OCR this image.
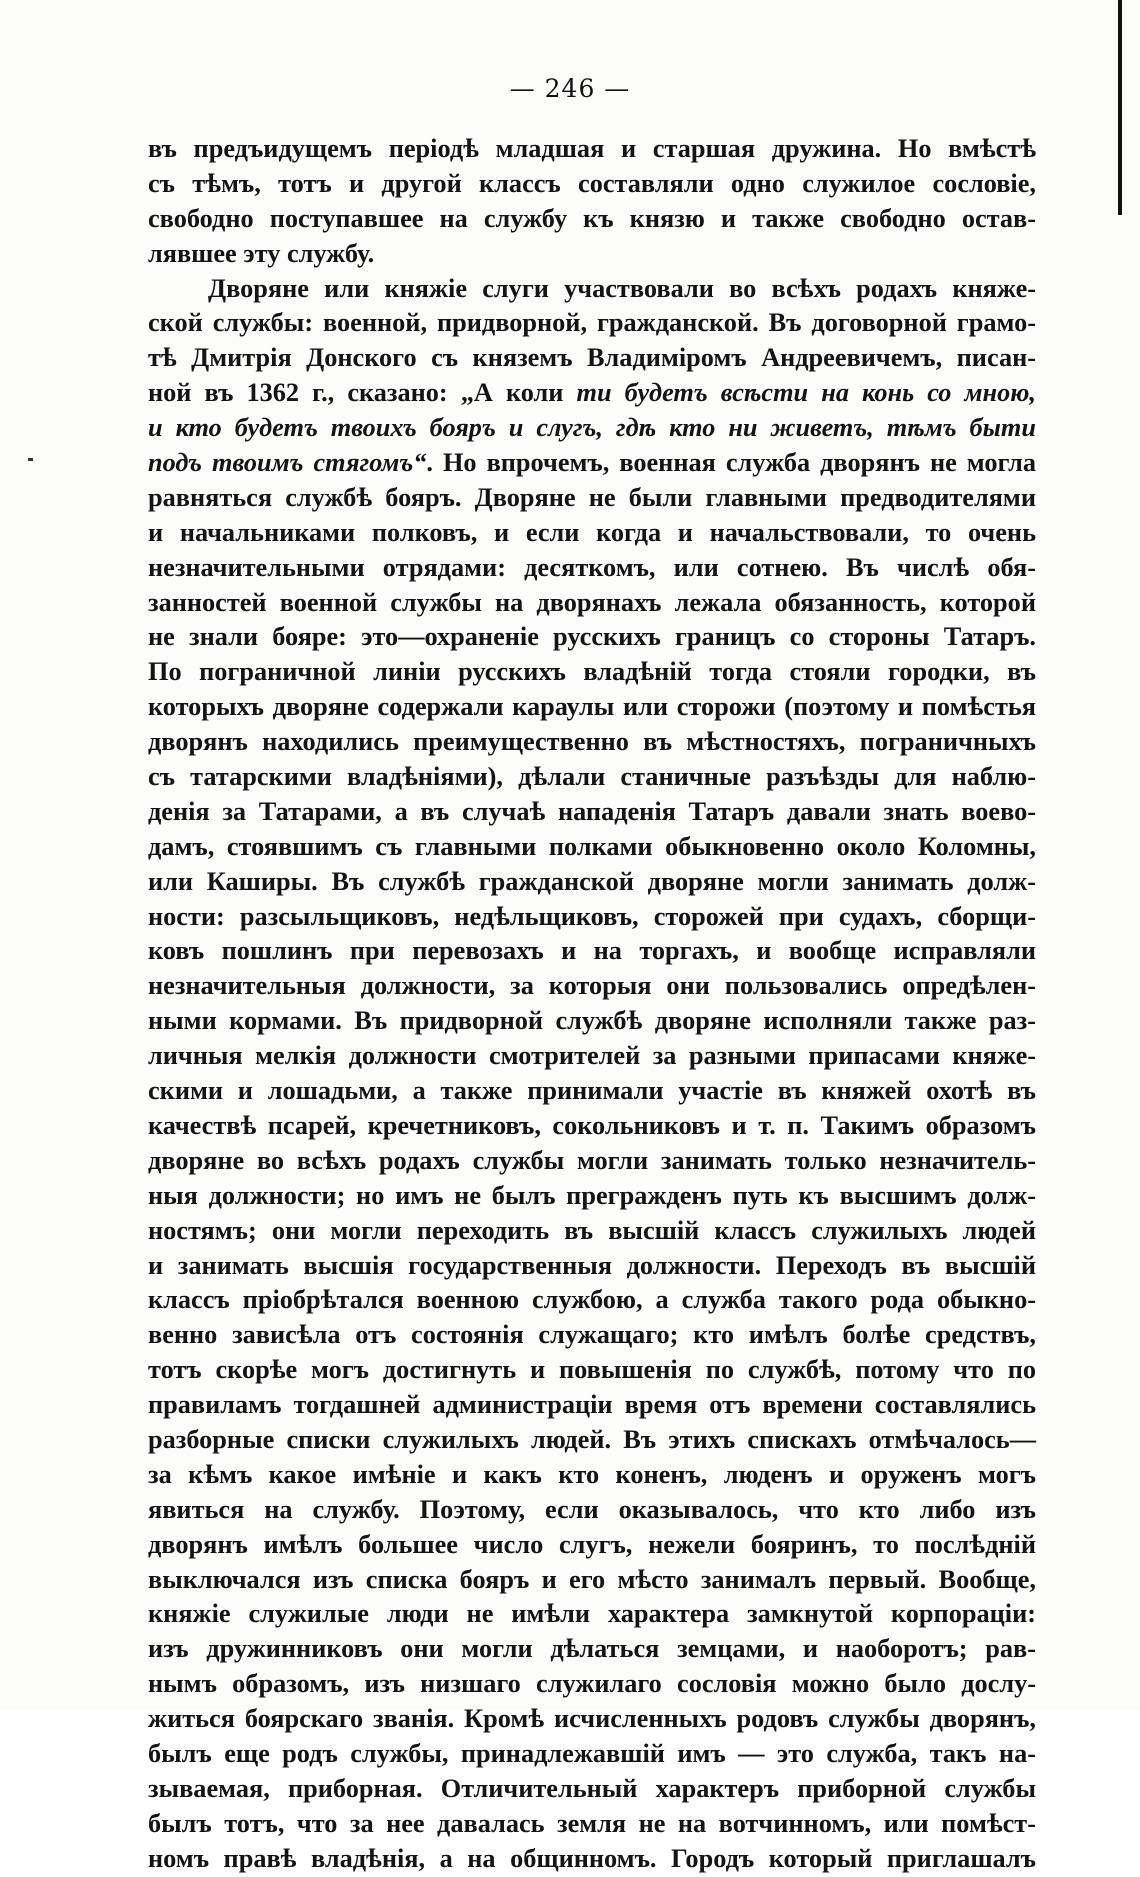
— 246 —
въ предъидущемъ періодѣ младшая и старшая дружина. Но вмѣстѣ
съ тѣмъ, тотъ и другой классъ составляли одно служилое сословіе,
свободно поступавшее на службу къ князю и также свободно остав-
лявшее эту службу.
Дворяне или княжіе слуги участвовали во всѣхъ родахъ княже-
ской службы: военной, придворной, гражданской. Въ договорной грамо-
тѣ Дмитрія Донского съ княземъ Владиміромъ Андреевичемъ, писан-
ной въ 1362 г., сказано: „А коли ти будетъ всѣсти на конь со мною,
и кто будетъ твоихъ бояръ и слугъ, гдѣ кто ни живетъ, тѣмъ быти
подъ твоимъ стягомъ“. Но впрочемъ, военная служба дворянъ не могла
равняться службѣ бояръ. Дворяне не были главными предводителями
и начальниками полковъ, и если когда и начальствовали, то очень
незначительными отрядами: десяткомъ, или сотнею. Въ числѣ обя-
занностей военной службы на дворянахъ лежала обязанность, которой
не знали бояре: это—охраненіе русскихъ границъ со стороны Татаръ.
По пограничной линіи русскихъ владѣній тогда стояли городки, въ
которыхъ дворяне содержали караулы или сторожи (поэтому и помѣстья
дворянъ находились преимущественно въ мѣстностяхъ, пограничныхъ
съ татарскими владѣніями), дѣлали станичные разъѣзды для наблю-
денія за Татарами, а въ случаѣ нападенія Татаръ давали знать воево-
дамъ, стоявшимъ съ главными полками обыкновенно около Коломны,
или Каширы. Въ службѣ гражданской дворяне могли занимать долж-
ности: разсыльщиковъ, недѣльщиковъ, сторожей при судахъ, сборщи-
ковъ пошлинъ при перевозахъ и на торгахъ, и вообще исправляли
незначительныя должности, за которыя они пользовались опредѣлен-
ными кормами. Въ придворной службѣ дворяне исполняли также раз-
личныя мелкія должности смотрителей за разными припасами княже-
скими и лошадьми, а также принимали участіе въ княжей охотѣ въ
качествѣ псарей, кречетниковъ, сокольниковъ и т. п. Такимъ образомъ
дворяне во всѣхъ родахъ службы могли занимать только незначитель-
ныя должности; но имъ не былъ прегражденъ путь къ высшимъ долж-
ностямъ; они могли переходить въ высшій классъ служилыхъ людей
и занимать высшія государственныя должности. Переходъ въ высшій
классъ пріобрѣтался военною службою, а служба такого рода обыкно-
венно зависѣла отъ состоянія служащаго; кто имѣлъ болѣе средствъ,
тотъ скорѣе могъ достигнуть и повышенія по службѣ, потому что по
правиламъ тогдашней администраціи время отъ времени составлялись
разборные списки служилыхъ людей. Въ этихъ спискахъ отмѣчалось—
за кѣмъ какое имѣніе и какъ кто коненъ, люденъ и оруженъ могъ
явиться на службу. Поэтому, если оказывалось, что кто либо изъ
дворянъ имѣлъ большее число слугъ, нежели бояринъ, то послѣдній
выключался изъ списка бояръ и его мѣсто занималъ первый. Вообще,
княжіе служилые люди не имѣли характера замкнутой корпораціи:
изъ дружинниковъ они могли дѣлаться земцами, и наоборотъ; рав-
нымъ образомъ, изъ низшаго служилаго сословія можно было дослу-
житься боярскаго званія. Кромѣ исчисленныхъ родовъ службы дворянъ,
былъ еще родъ службы, принадлежавшій имъ — это служба, такъ на-
зываемая, приборная. Отличительный характеръ приборной службы
былъ тотъ, что за нее давалась земля не на вотчинномъ, или помѣст-
номъ правѣ владѣнія, а на общинномъ. Городъ который приглашалъ
